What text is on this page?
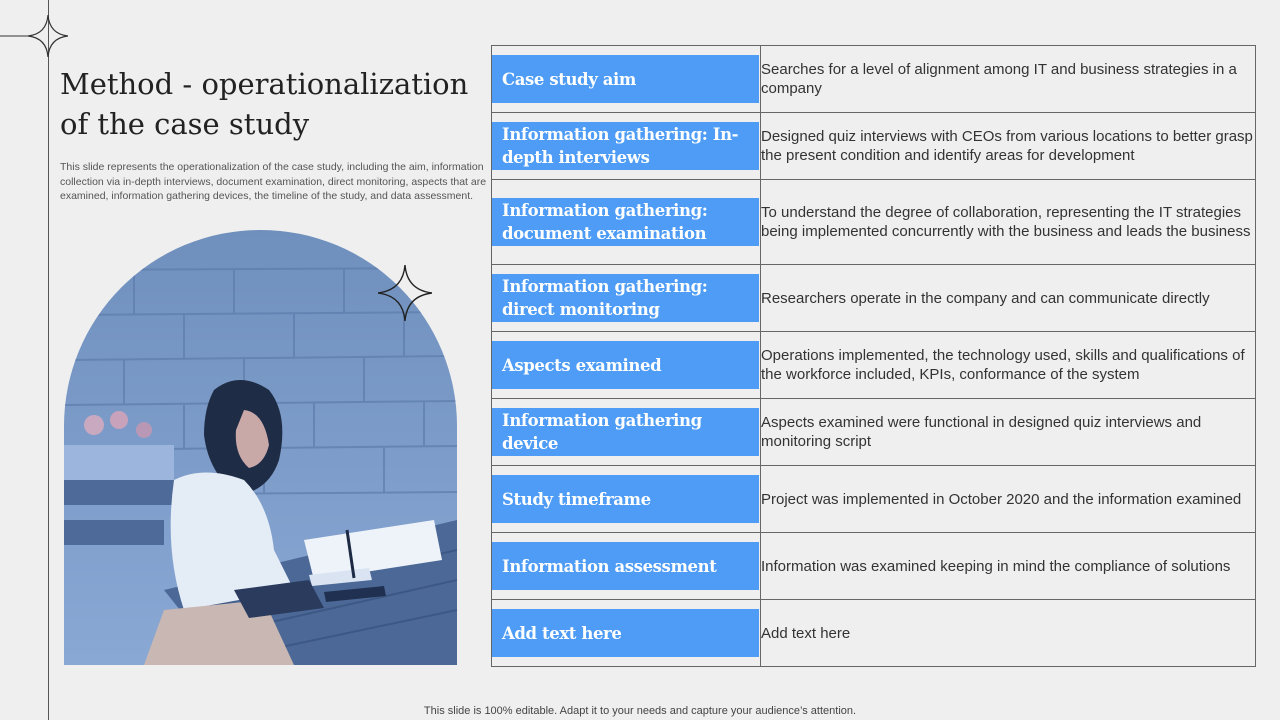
Method - operationalization of the case study

This slide represents the operationalization of the case study, including the aim, information collection via in-depth interviews, document examination, direct monitoring, aspects that are examined, information gathering devices, the timeline of the study, and data assessment.

Case study aim	Searches for a level of alignment among IT and business strategies in a company

Information gathering: In-depth interviews	Designed quiz interviews with CEOs from various locations to better grasp the present condition and identify areas for development

Information gathering: document examination	To understand the degree of collaboration, representing the IT strategies being implemented concurrently with the business and leads the business

Information gathering: direct monitoring	Researchers operate in the company and can communicate directly

Aspects examined	Operations implemented, the technology used, skills and qualifications of the workforce included, KPIs, conformance of the system

Information gathering device	Aspects examined were functional in designed quiz interviews and monitoring script

Study timeframe	Project was implemented in October 2020 and the information examined

Information assessment	Information was examined keeping in mind the compliance of solutions

Add text here	Add text here
This slide is 100% editable. Adapt it to your needs and capture your audience’s attention.
